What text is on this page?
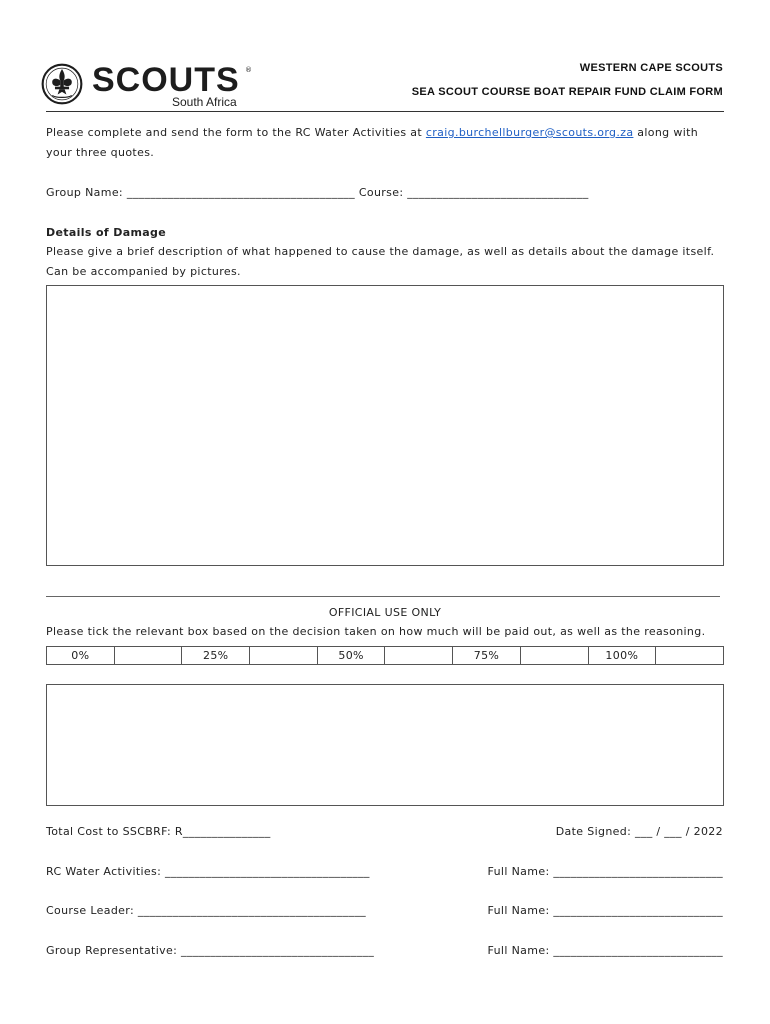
SCOUTS ®
South Africa
WESTERN CAPE SCOUTS
SEA SCOUT COURSE BOAT REPAIR FUND CLAIM FORM
Please complete and send the form to the RC Water Activities at craig.burchellburger@scouts.org.za along with
your three quotes.
Group Name: _______________________________________ Course: _______________________________
Details of Damage
Please give a brief description of what happened to cause the damage, as well as details about the damage itself.
Can be accompanied by pictures.
OFFICIAL USE ONLY
Please tick the relevant box based on the decision taken on how much will be paid out, as well as the reasoning.
0%		25%		50%		75%		100%	
Total Cost to SSCBRF: R_______________	Date Signed: ___ / ___ / 2022
RC Water Activities: ___________________________________	Full Name: _____________________________
Course Leader: _______________________________________	Full Name: _____________________________
Group Representative: _________________________________	Full Name: _____________________________
